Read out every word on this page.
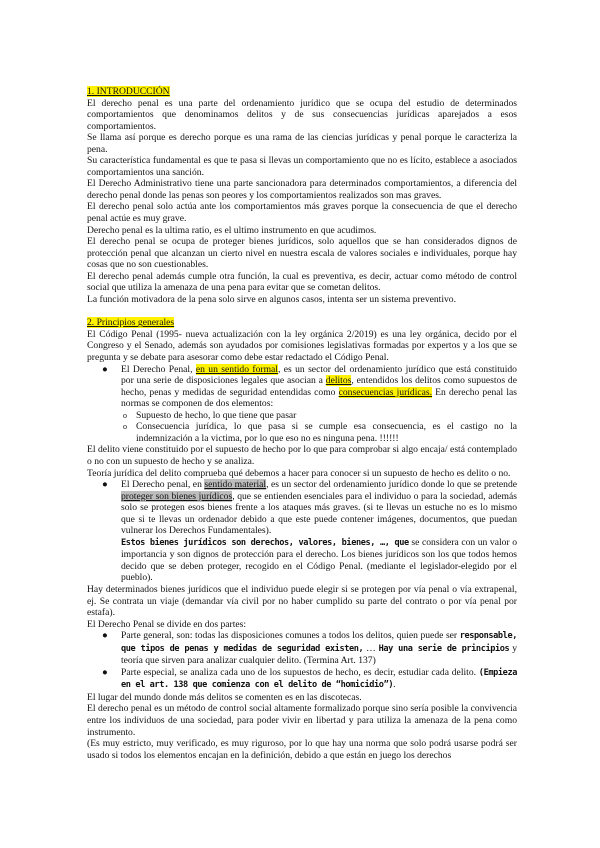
1. INTRODUCCIÓN

El derecho penal es una parte del ordenamiento jurídico que se ocupa del estudio de determinados comportamientos que denominamos delitos y de sus consecuencias jurídicas aparejados a esos comportamientos.

Se llama así porque es derecho porque es una rama de las ciencias jurídicas y penal porque le caracteriza la pena.

Su característica fundamental es que te pasa si llevas un comportamiento que no es lícito, establece a asociados comportamientos una sanción.

El Derecho Administrativo tiene una parte sancionadora para determinados comportamientos, a diferencia del derecho penal donde las penas son peores y los comportamientos realizados son mas graves.

El derecho penal solo actúa ante los comportamientos más graves porque la consecuencia de que el derecho penal actúe es muy grave.

Derecho penal es la ultima ratio, es el ultimo instrumento en que acudimos.

El derecho penal se ocupa de proteger bienes jurídicos, solo aquellos que se han considerados dignos de protección penal que alcanzan un cierto nivel en nuestra escala de valores sociales e individuales, porque hay cosas que no son cuestionables.

El derecho penal además cumple otra función, la cual es preventiva, es decir, actuar como método de control social que utiliza la amenaza de una pena para evitar que se cometan delitos.

La función motivadora de la pena solo sirve en algunos casos, intenta ser un sistema preventivo.

2. Principios generales

El Código Penal (1995- nueva actualización con la ley orgánica 2/2019) es una ley orgánica, decido por el Congreso y el Senado, además son ayudados por comisiones legislativas formadas por expertos y a los que se pregunta y se debate para asesorar como debe estar redactado el Código Penal.

● El Derecho Penal, en un sentido formal, es un sector del ordenamiento jurídico que está constituido por una serie de disposiciones legales que asocian a delitos, entendidos los delitos como supuestos de hecho, penas y medidas de seguridad entendidas como consecuencias jurídicas. En derecho penal las normas se componen de dos elementos:

o Supuesto de hecho, lo que tiene que pasar

o Consecuencia jurídica, lo que pasa si se cumple esa consecuencia, es el castigo no la indemnización a la victima, por lo que eso no es ninguna pena. !!!!!!

El delito viene constituido por el supuesto de hecho por lo que para comprobar si algo encaja/ está contemplado o no con un supuesto de hecho y se analiza.

Teoría jurídica del delito comprueba qué debemos a hacer para conocer si un supuesto de hecho es delito o no.

● El Derecho penal, en sentido material, es un sector del ordenamiento jurídico donde lo que se pretende proteger son bienes jurídicos, que se entienden esenciales para el individuo o para la sociedad, además solo se protegen esos bienes frente a los ataques más graves. (si te llevas un estuche no es lo mismo que si te llevas un ordenador debido a que este puede contener imágenes, documentos, que puedan vulnerar los Derechos Fundamentales).
Estos bienes jurídicos son derechos, valores, bienes, …, que se considera con un valor o importancia y son dignos de protección para el derecho. Los bienes jurídicos son los que todos hemos decido que se deben proteger, recogido en el Código Penal. (mediante el legislador-elegido por el pueblo).

Hay determinados bienes jurídicos que el individuo puede elegir si se protegen por vía penal o vía extrapenal, ej. Se contrata un viaje (demandar vía civil por no haber cumplido su parte del contrato o por vía penal por estafa).

El Derecho Penal se divide en dos partes:

● Parte general, son: todas las disposiciones comunes a todos los delitos, quien puede ser responsable, que tipos de penas y medidas de seguridad existen, … Hay una serie de principios y teoría que sirven para analizar cualquier delito. (Termina Art. 137)

● Parte especial, se analiza cada uno de los supuestos de hecho, es decir, estudiar cada delito. (Empieza en el art. 138 que comienza con el delito de “homicidio”).

El lugar del mundo donde más delitos se comenten es en las discotecas.

El derecho penal es un método de control social altamente formalizado porque sino sería posible la convivencia entre los individuos de una sociedad, para poder vivir en libertad y para utiliza la amenaza de la pena como instrumento.

(Es muy estricto, muy verificado, es muy riguroso, por lo que hay una norma que solo podrá usarse podrá ser usado si todos los elementos encajan en la definición, debido a que están en juego los derechos
